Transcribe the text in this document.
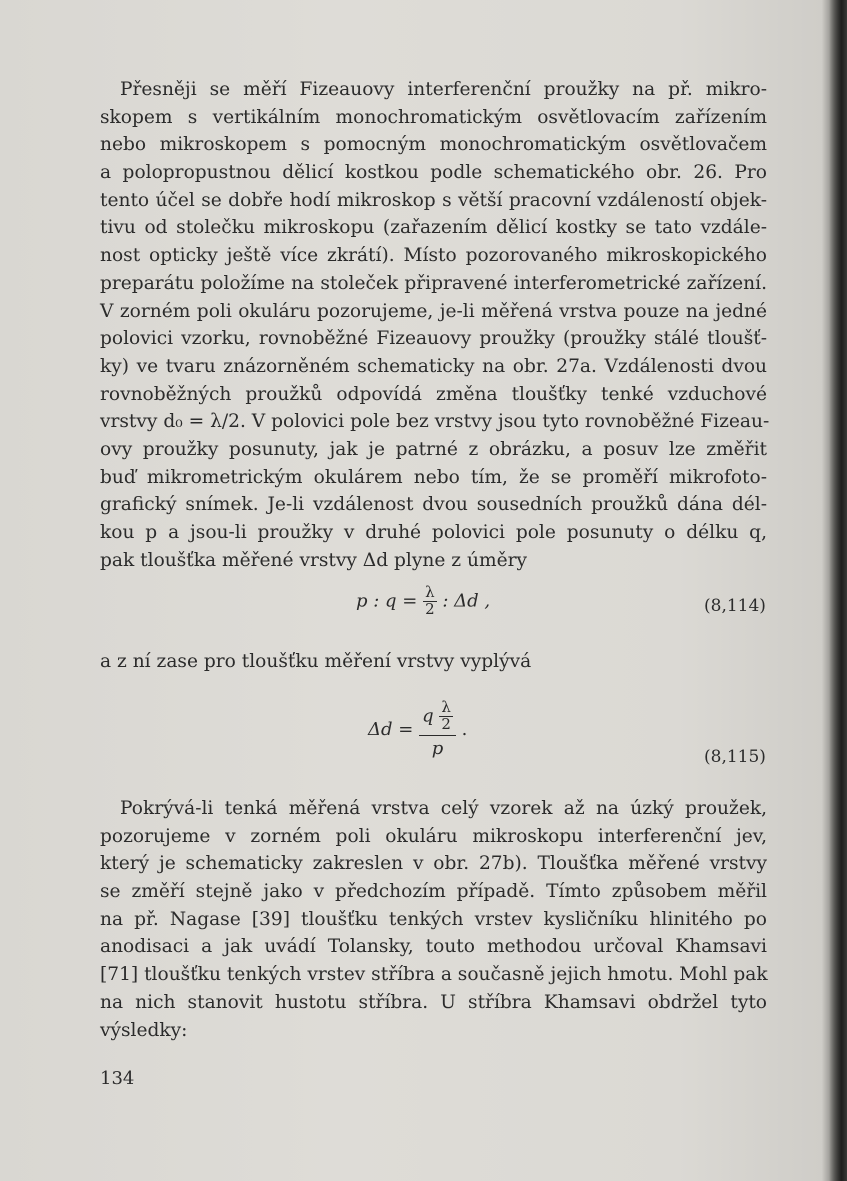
Přesněji se měří Fizeauovy interferenční proužky na př. mikro-
skopem s vertikálním monochromatickým osvětlovacím zařízením
nebo mikroskopem s pomocným monochromatickým osvětlovačem
a polopropustnou dělicí kostkou podle schematického obr. 26. Pro
tento účel se dobře hodí mikroskop s větší pracovní vzdáleností objek-
tivu od stolečku mikroskopu (zařazením dělicí kostky se tato vzdále-
nost opticky ještě více zkrátí). Místo pozorovaného mikroskopického
preparátu položíme na stoleček připravené interferometrické zařízení.
V zorném poli okuláru pozorujeme, je-li měřená vrstva pouze na jedné
polovici vzorku, rovnoběžné Fizeauovy proužky (proužky stálé tloušť-
ky) ve tvaru znázorněném schematicky na obr. 27a. Vzdálenosti dvou
rovnoběžných proužků odpovídá změna tloušťky tenké vzduchové
vrstvy d₀ = λ/2. V polovici pole bez vrstvy jsou tyto rovnoběžné Fizeau-
ovy proužky posunuty, jak je patrné z obrázku, a posuv lze změřit
buď mikrometrickým okulárem nebo tím, že se proměří mikrofoto-
grafický snímek. Je-li vzdálenost dvou sousedních proužků dána dél-
kou p a jsou-li proužky v druhé polovici pole posunuty o délku q,
pak tloušťka měřené vrstvy Δd plyne z úměry
p : $q = \frac{\lambda}{2}$ : Δd ,	(8,114)
a z ní zase pro tloušťku měření vrstvy vyplývá
$\Delta d = \frac{q \frac{\lambda}{2}}{p}$ .
(8,115)
Pokrývá-li tenká měřená vrstva celý vzorek až na úzký proužek,
pozorujeme v zorném poli okuláru mikroskopu interferenční jev,
který je schematicky zakreslen v obr. 27b). Tloušťka měřené vrstvy
se změří stejně jako v předchozím případě. Tímto způsobem měřil
na př. Nagase [39] tloušťku tenkých vrstev kysličníku hlinitého po
anodisaci a jak uvádí Tolansky, touto methodou určoval Khamsavi
[71] tloušťku tenkých vrstev stříbra a současně jejich hmotu. Mohl pak
na nich stanovit hustotu stříbra. U stříbra Khamsavi obdržel tyto
výsledky:
134
